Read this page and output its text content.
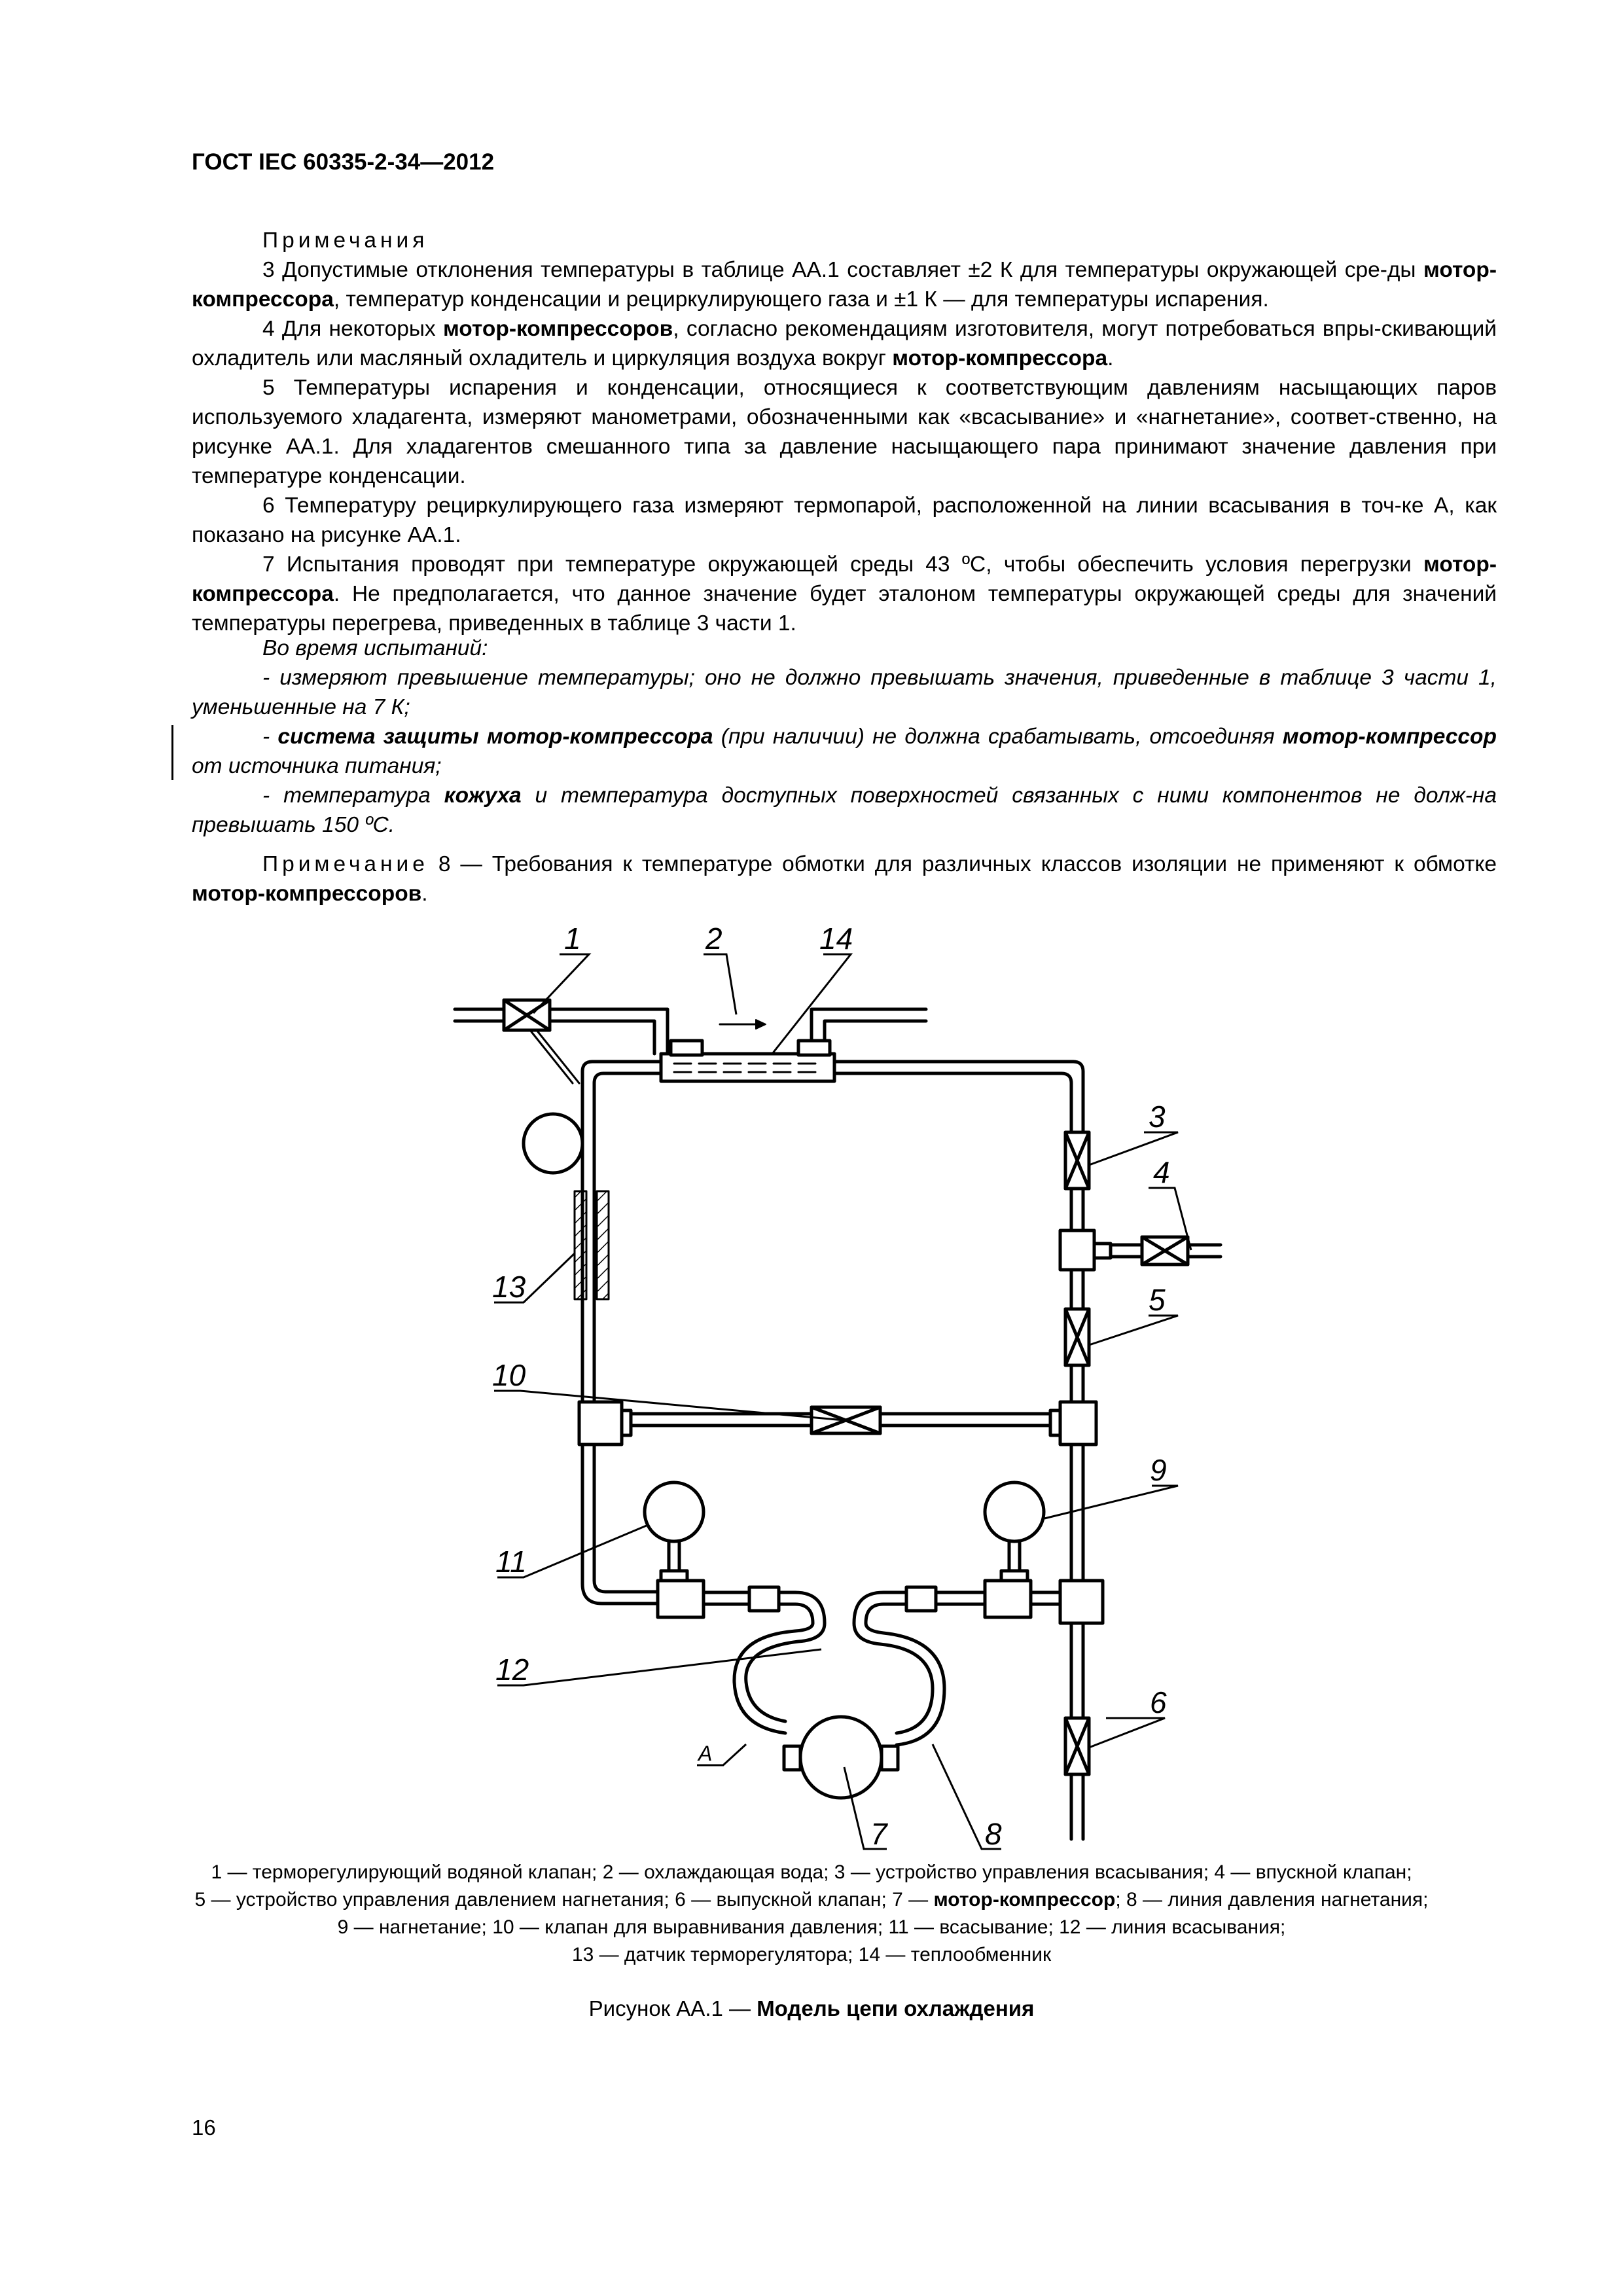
ГОСТ IEC 60335-2-34—2012

Примечания

3 Допустимые отклонения температуры в таблице АА.1 составляет ±2 К для температуры окружающей сре-ды мотор-компрессора, температур конденсации и рециркулирующего газа и ±1 К — для температуры испарения.

4 Для некоторых мотор-компрессоров, согласно рекомендациям изготовителя, могут потребоваться впры-скивающий охладитель или масляный охладитель и циркуляция воздуха вокруг мотор-компрессора.

5 Температуры испарения и конденсации, относящиеся к соответствующим давлениям насыщающих паров используемого хладагента, измеряют манометрами, обозначенными как «всасывание» и «нагнетание», соответ-ственно, на рисунке АА.1. Для хладагентов смешанного типа за давление насыщающего пара принимают значение давления при температуре конденсации.

6 Температуру рециркулирующего газа измеряют термопарой, расположенной на линии всасывания в точ-ке А, как показано на рисунке АА.1.

7 Испытания проводят при температуре окружающей среды 43 ºС, чтобы обеспечить условия перегрузки мотор-компрессора. Не предполагается, что данное значение будет эталоном температуры окружающей среды для значений температуры перегрева, приведенных в таблице 3 части 1.

Во время испытаний:

- измеряют превышение температуры; оно не должно превышать значения, приведенные в таблице 3 части 1, уменьшенные на 7 К;

- система защиты мотор-компрессора (при наличии) не должна срабатывать, отсоединяя мотор-компрессор от источника питания;

- температура кожуха и температура доступных поверхностей связанных с ними компонентов не долж-на превышать 150 ºС.

Примечание 8 — Требования к температуре обмотки для различных классов изоляции не применяют к обмотке мотор-компрессоров.

1	2	14
3
4
13	5
10
9
11
12
A
7	8
6

1 — терморегулирующий водяной клапан; 2 — охлаждающая вода; 3 — устройство управления всасывания; 4 — впускной клапан;

5 — устройство управления давлением нагнетания; 6 — выпускной клапан; 7 — мотор-компрессор; 8 — линия давления нагнетания;

9 — нагнетание; 10 — клапан для выравнивания давления; 11 — всасывание; 12 — линия всасывания;

13 — датчик терморегулятора; 14 — теплообменник

Рисунок АА.1 — Модель цепи охлаждения
16
